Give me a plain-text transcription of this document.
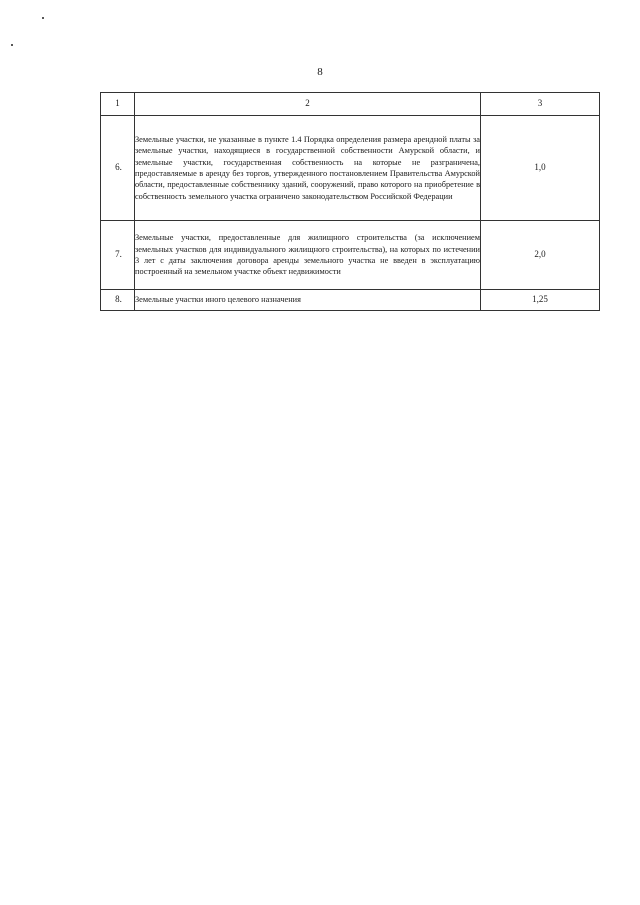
8
1	2	3
6.	Земельные участки, не указанные в пункте 1.4 Порядка определения размера арендной платы за земельные участки, находящиеся в государственной собственности Амурской области, и земельные участки, государственная собственность на которые не разграничена, предоставляемые в аренду без торгов, утвержденного постановлением Правительства Амурской области, предоставленные собственнику зданий, сооружений, право которого на приобретение в собственность земельного участка ограничено законодательством Российской Федерации	1,0
7.	Земельные участки, предоставленные для жилищного строительства (за исключением земельных участков для индивидуального жилищного строительства), на которых по истечении 3 лет с даты заключения договора аренды земельного участка не введен в эксплуатацию построенный на земельном участке объект недвижимости	2,0
8.	Земельные участки иного целевого назначения	1,25
